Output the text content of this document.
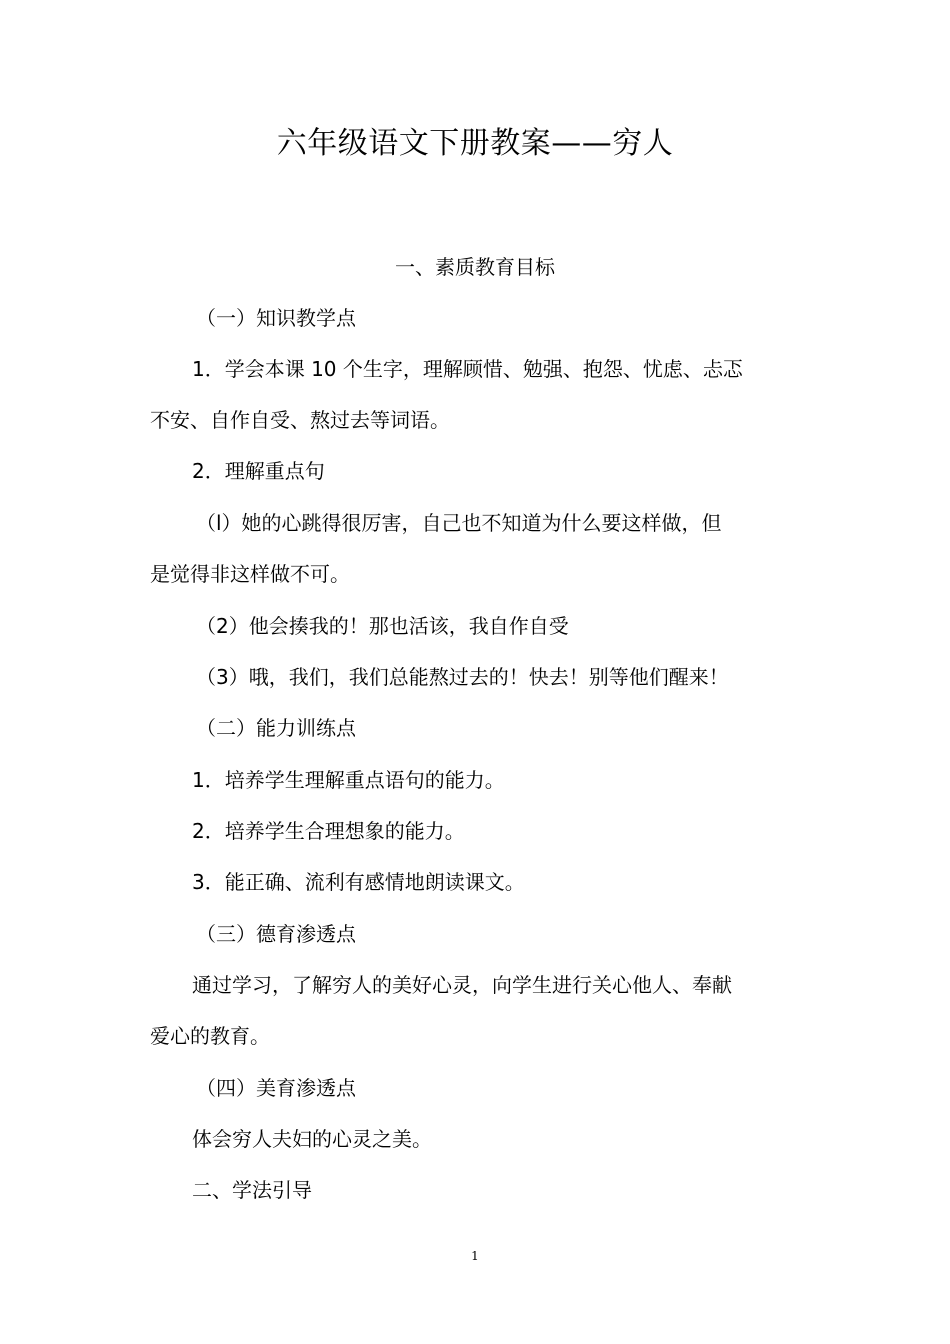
六年级语文下册教案——穷人
一、素质教育目标
（一）知识教学点
1．学会本课 10 个生字，理解顾惜、勉强、抱怨、忧虑、忐忑
不安、自作自受、熬过去等词语。
2．理解重点句
（l）她的心跳得很厉害，自己也不知道为什么要这样做，但
是觉得非这样做不可。
（2）他会揍我的！那也活该，我自作自受
（3）哦，我们，我们总能熬过去的！快去！别等他们醒来！
（二）能力训练点
1．培养学生理解重点语句的能力。
2．培养学生合理想象的能力。
3．能正确、流利有感情地朗读课文。
（三）德育渗透点
通过学习，了解穷人的美好心灵，向学生进行关心他人、奉献
爱心的教育。
（四）美育渗透点
体会穷人夫妇的心灵之美。
二、学法引导
1
